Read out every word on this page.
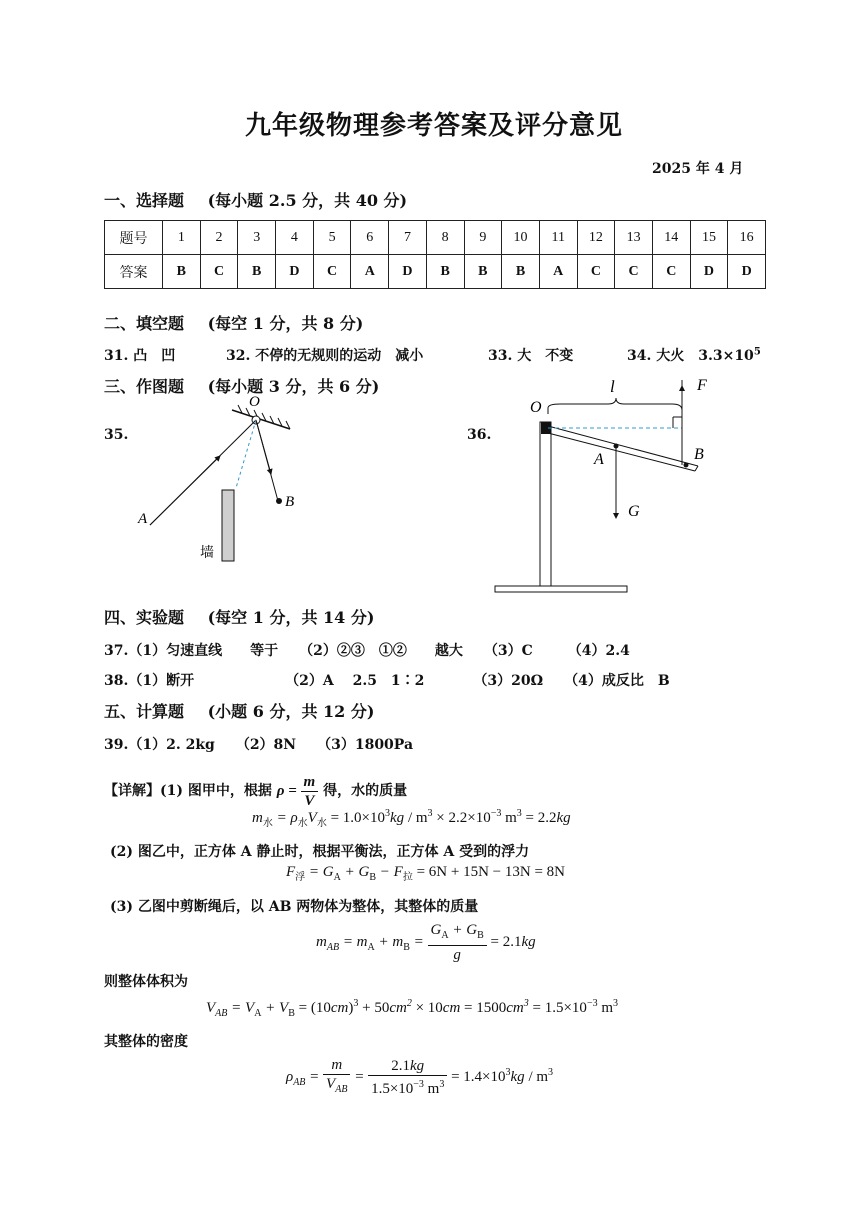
九年级物理参考答案及评分意见
2025 年 4 月
一、选择题 (每小题 2.5 分，共 40 分)
题号	1	2	3	4	5	6	7	8	9	10	11	12	13	14	15	16
答案	B	C	B	D	C	A	D	B	B	B	A	C	C	C	D	D
二、填空题 (每空 1 分，共 8 分)
31. 凸　凹	32. 不停的无规则的运动　减小	33. 大　不变	34. 大火　$3.3\times 10^5$
三、作图题 (每小题 3 分，共 6 分)
35.	36.
O
A
B
墙
O
l	F
A	B
G
四、实验题 (每空 1 分，共 14 分)
37.（1）匀速直线　　等于　　（2）②③　①②　　越大　　（3）C　　　（4）2.4
38.（1）断开　　　　　　　（2）A　 2.5　1∶2　　　　（3）20Ω　　（4）成反比　B
五、计算题 (小题 6 分，共 12 分)
39.（1）2. 2kg　　（2）8N　　（3）1800Pa
【详解】(1) 图甲中，根据 $\rho = \frac{m}{V}$ 得，水的质量
$m_水 = \rho_水V_水 = 1.0\times 10^3kg / m^3 \times 2.2\times 10^{-3}$ $m^3 = 2.2kg$
(2) 图乙中，正方体 A 静止时，根据平衡法，正方体 A 受到的浮力
$F_浮 = G_A + G_B - F_拉 = 6N + 15N - 13N = 8N$
(3) 乙图中剪断绳后，以 AB 两物体为整体，其整体的质量
$m_{AB} = m_A + m_B = \frac{G_A + G_B}{g} = 2.1kg$
则整体体积为
$V_{AB} = V_A + V_B = (10cm)^3 + 50cm^2 \times 10cm = 1500cm^3 = 1.5\times 10^{-3}$ $m^3$
其整体的密度
$\rho_{AB} = \frac{m}{V_{AB}} = \frac{2.1kg}{1.5\times 10^{-3} m^3} = 1.4\times 10^3kg / m^3$
